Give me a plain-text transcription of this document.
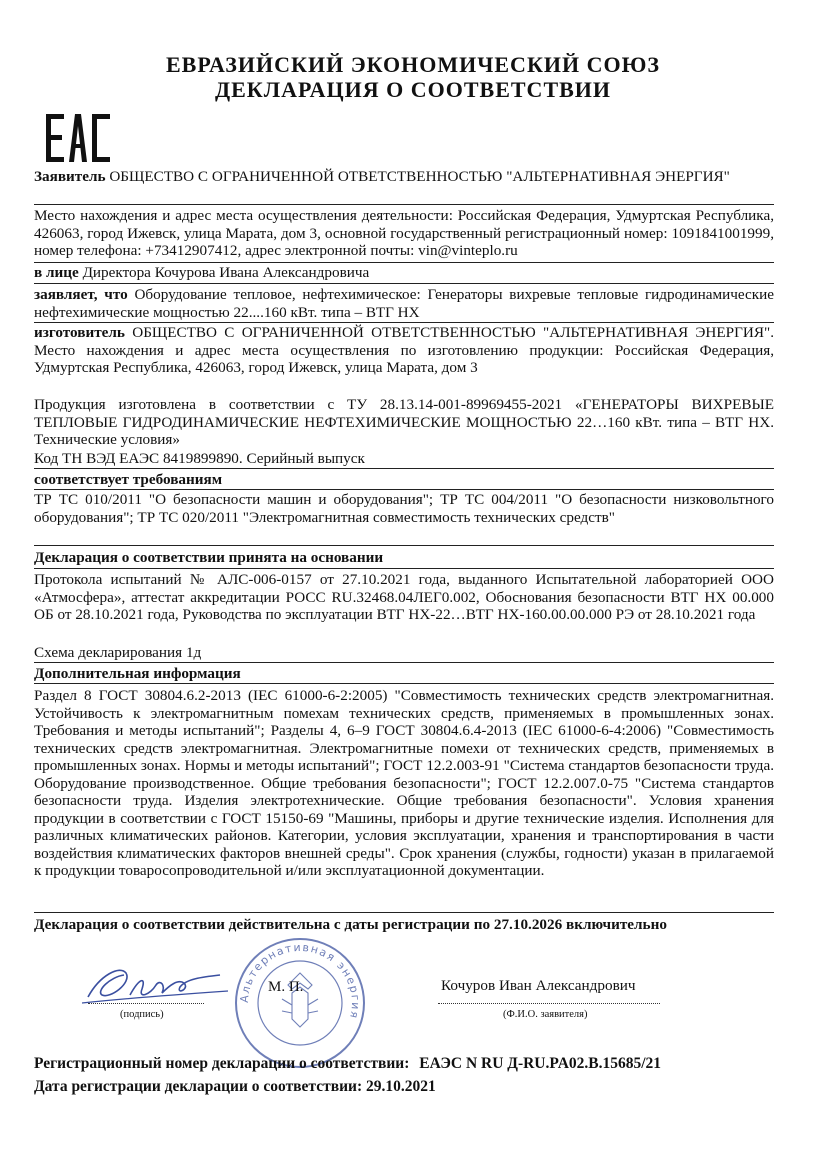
ЕВРАЗИЙСКИЙ ЭКОНОМИЧЕСКИЙ СОЮЗ
ДЕКЛАРАЦИЯ О СООТВЕТСТВИИ
Заявитель ОБЩЕСТВО С ОГРАНИЧЕННОЙ ОТВЕТСТВЕННОСТЬЮ "АЛЬТЕРНАТИВНАЯ ЭНЕРГИЯ"
Место нахождения и адрес места осуществления деятельности: Российская Федерация, Удмуртская Республика, 426063, город Ижевск, улица Марата, дом 3, основной государственный регистрационный номер: 1091841001999, номер телефона: +73412907412, адрес электронной почты: vin@vinteplo.ru
в лице Директора Кочурова Ивана Александровича
заявляет, что Оборудование тепловое, нефтехимическое: Генераторы вихревые тепловые гидродинамические нефтехимические мощностью 22....160 кВт. типа – ВТГ НХ
изготовитель ОБЩЕСТВО С ОГРАНИЧЕННОЙ ОТВЕТСТВЕННОСТЬЮ "АЛЬТЕРНАТИВНАЯ ЭНЕРГИЯ". Место нахождения и адрес места осуществления по изготовлению продукции: Российская Федерация, Удмуртская Республика, 426063, город Ижевск, улица Марата, дом 3
Продукция изготовлена в соответствии с ТУ 28.13.14-001-89969455-2021 «ГЕНЕРАТОРЫ ВИХРЕВЫЕ ТЕПЛОВЫЕ ГИДРОДИНАМИЧЕСКИЕ НЕФТЕХИМИЧЕСКИЕ МОЩНОСТЬЮ 22…160 кВт. типа – ВТГ НХ. Технические условия»
Код ТН ВЭД ЕАЭС 8419899890. Серийный выпуск
соответствует требованиям
ТР ТС 010/2011 "О безопасности машин и оборудования"; ТР ТС 004/2011 "О безопасности низковольтного оборудования"; ТР ТС 020/2011 "Электромагнитная совместимость технических средств"
Декларация о соответствии принята на основании
Протокола испытаний № АЛС-006-0157 от 27.10.2021 года, выданного Испытательной лабораторией ООО «Атмосфера», аттестат аккредитации РОСС RU.32468.04ЛЕГ0.002, Обоснования безопасности ВТГ НХ 00.000 ОБ от 28.10.2021 года, Руководства по эксплуатации ВТГ НХ-22…ВТГ НХ-160.00.00.000 РЭ от 28.10.2021 года
Схема декларирования 1д
Дополнительная информация
Раздел 8 ГОСТ 30804.6.2-2013 (IEC 61000-6-2:2005) "Совместимость технических средств электромагнитная. Устойчивость к электромагнитным помехам технических средств, применяемых в промышленных зонах. Требования и методы испытаний"; Разделы 4, 6–9 ГОСТ 30804.6.4-2013 (IEC 61000-6-4:2006) "Совместимость технических средств электромагнитная. Электромагнитные помехи от технических средств, применяемых в промышленных зонах. Нормы и методы испытаний"; ГОСТ 12.2.003-91 "Система стандартов безопасности труда. Оборудование производственное. Общие требования безопасности"; ГОСТ 12.2.007.0-75 "Система стандартов безопасности труда. Изделия электротехнические. Общие требования безопасности". Условия хранения продукции в соответствии с ГОСТ 15150-69 "Машины, приборы и другие технические изделия. Исполнения для различных климатических районов. Категории, условия эксплуатации, хранения и транспортирования в части воздействия климатических факторов внешней среды". Срок хранения (службы, годности) указан в прилагаемой к продукции товаросопроводительной и/или эксплуатационной документации.
Декларация о соответствии действительна с даты регистрации по 27.10.2026 включительно
(подпись)
Альтернативная энергия
М. П.	Кочуров Иван Александрович
(Ф.И.О. заявителя)
Регистрационный номер декларации о соответствии: ЕАЭС N RU Д-RU.PA02.B.15685/21
Дата регистрации декларации о соответствии: 29.10.2021
